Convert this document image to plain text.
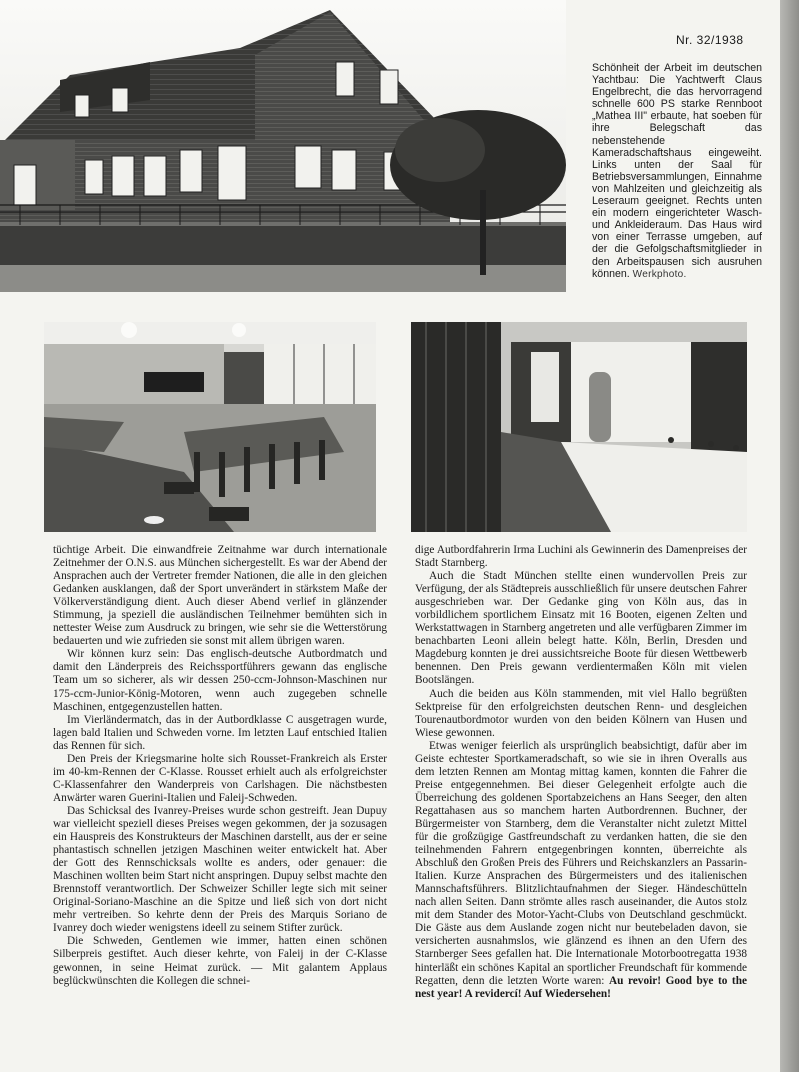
Nr. 32/1938
Schönheit der Arbeit im deutschen Yachtbau: Die Yachtwerft Claus Engelbrecht, die das hervorragend schnelle 600 PS starke Rennboot „Mathea III" erbaute, hat soeben für ihre Belegschaft das nebenstehende Kameradschaftshaus eingeweiht. Links unten der Saal für Betriebsversammlungen, Einnahme von Mahlzeiten und gleichzeitig als Leseraum geeignet. Rechts unten ein modern eingerichteter Wasch- und Ankleideraum. Das Haus wird von einer Terrasse umgeben, auf der die Gefolgschaftsmitglieder in den Arbeitspausen sich ausruhen können. Werkphoto.

tüchtige Arbeit. Die einwandfreie Zeitnahme war durch internationale Zeitnehmer der O.N.S. aus München sichergestellt. Es war der Abend der Ansprachen auch der Vertreter fremder Nationen, die alle in den gleichen Gedanken ausklangen, daß der Sport unverändert in stärkstem Maße der Völkerverständigung dient. Auch dieser Abend verlief in glänzender Stimmung, ja speziell die ausländischen Teilnehmer bemühten sich in nettester Weise zum Ausdruck zu bringen, wie sehr sie die Wetterstörung bedauerten und wie zufrieden sie sonst mit allem übrigen waren.

Wir können kurz sein: Das englisch-deutsche Autbordmatch und damit den Länderpreis des Reichssportführers gewann das englische Team um so sicherer, als wir dessen 250-ccm-Johnson-Maschinen nur 175-ccm-Junior-König-Motoren, wenn auch zugegeben schnelle Maschinen, entgegenzustellen hatten.

Im Vierländermatch, das in der Autbordklasse C ausgetragen wurde, lagen bald Italien und Schweden vorne. Im letzten Lauf entschied Italien das Rennen für sich.

Den Preis der Kriegsmarine holte sich Rousset-Frankreich als Erster im 40-km-Rennen der C-Klasse. Rousset erhielt auch als erfolgreichster C-Klassenfahrer den Wanderpreis von Carlshagen. Die nächstbesten Anwärter waren Guerini-Italien und Faleij-Schweden.

Das Schicksal des Ivanrey-Preises wurde schon gestreift. Jean Dupuy war vielleicht speziell dieses Preises wegen gekommen, der ja sozusagen ein Hauspreis des Konstrukteurs der Maschinen darstellt, aus der er seine phantastisch schnellen jetzigen Maschinen weiter entwickelt hat. Aber der Gott des Rennschicksals wollte es anders, oder genauer: die Maschinen wollten beim Start nicht anspringen. Dupuy selbst machte den Brennstoff verantwortlich. Der Schweizer Schiller legte sich mit seiner Original-Soriano-Maschine an die Spitze und ließ sich von dort nicht mehr vertreiben. So kehrte denn der Preis des Marquis Soriano de Ivanrey doch wieder wenigstens ideell zu seinem Stifter zurück.

Die Schweden, Gentlemen wie immer, hatten einen schönen Silberpreis gestiftet. Auch dieser kehrte, von Faleij in der C-Klasse gewonnen, in seine Heimat zurück. — Mit galantem Applaus beglückwünschten die Kollegen die schnei-

dige Autbordfahrerin Irma Luchini als Gewinnerin des Damenpreises der Stadt Starnberg.

Auch die Stadt München stellte einen wundervollen Preis zur Verfügung, der als Städtepreis ausschließlich für unsere deutschen Fahrer ausgeschrieben war. Der Gedanke ging von Köln aus, das in vorbildlichem sportlichem Einsatz mit 16 Booten, eigenen Zelten und Werkstattwagen in Starnberg angetreten und alle verfügbaren Zimmer im benachbarten Leoni allein belegt hatte. Köln, Berlin, Dresden und Magdeburg konnten je drei aussichtsreiche Boote für diesen Wettbewerb benennen. Den Preis gewann verdientermaßen Köln mit vielen Bootslängen.

Auch die beiden aus Köln stammenden, mit viel Hallo begrüßten Sektpreise für den erfolgreichsten deutschen Renn- und desgleichen Tourenautbordmotor wurden von den beiden Kölnern van Husen und Wiese gewonnen.

Etwas weniger feierlich als ursprünglich beabsichtigt, dafür aber im Geiste echtester Sportkameradschaft, so wie sie in ihren Overalls aus dem letzten Rennen am Montag mittag kamen, konnten die Fahrer die Preise entgegennehmen. Bei dieser Gelegenheit erfolgte auch die Überreichung des goldenen Sportabzeichens an Hans Seeger, den alten Regattahasen aus so manchem harten Autbordrennen. Buchner, der Bürgermeister von Starnberg, dem die Veranstalter nicht zuletzt Mittel für die großzügige Gastfreundschaft zu verdanken hatten, die sie den teilnehmenden Fahrern entgegenbringen konnten, überreichte als Abschluß den Großen Preis des Führers und Reichskanzlers an Passarin-Italien. Kurze Ansprachen des Bürgermeisters und des italienischen Mannschaftsführers. Blitzlichtaufnahmen der Sieger. Händeschütteln nach allen Seiten. Dann strömte alles rasch auseinander, die Autos stolz mit dem Stander des Motor-Yacht-Clubs von Deutschland geschmückt. Die Gäste aus dem Auslande zogen nicht nur beutebeladen davon, sie versicherten ausnahmslos, wie glänzend es ihnen an den Ufern des Starnberger Sees gefallen hat. Die Internationale Motorbootregatta 1938 hinterläßt ein schönes Kapital an sportlicher Freundschaft für kommende Regatten, denn die letzten Worte waren: Au revoir! Good bye to the nest year! A revidercí! Auf Wiedersehen!
